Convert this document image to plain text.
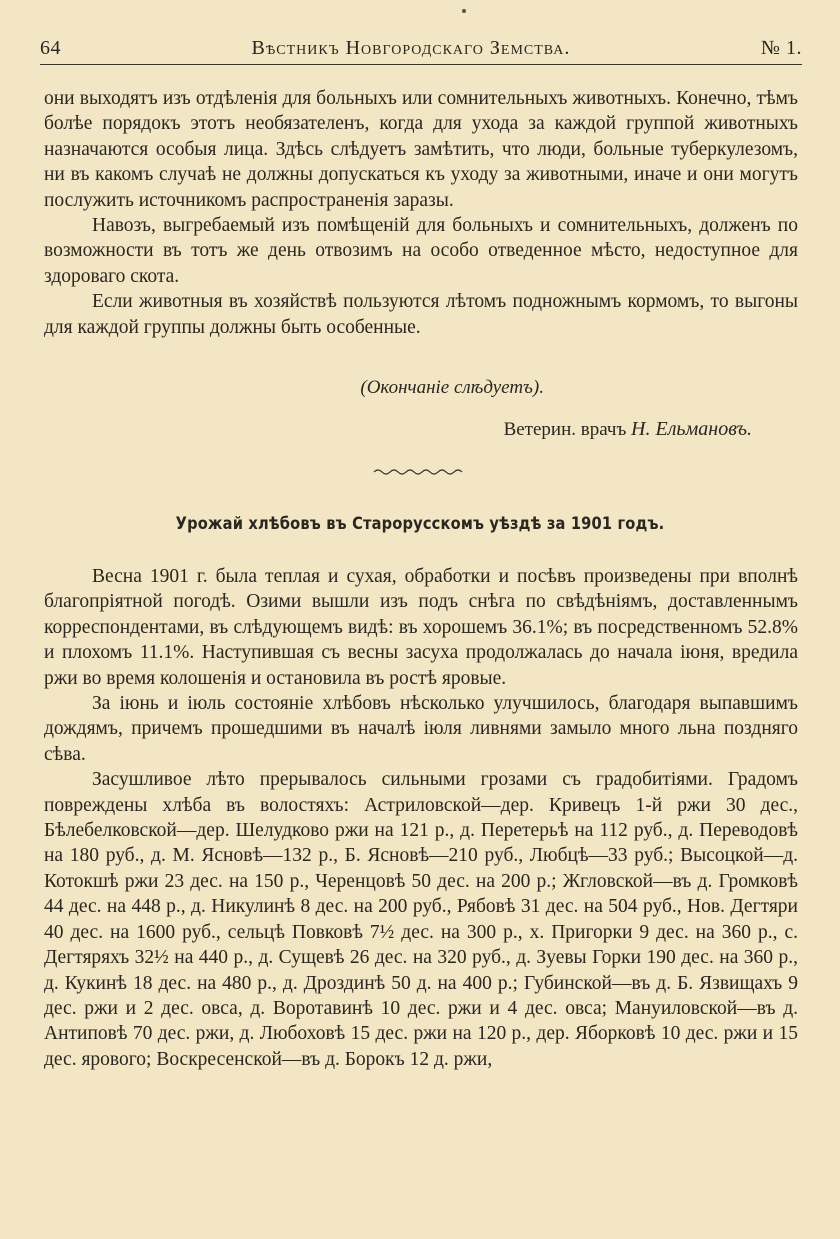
64	Вѣстникъ Новгородскаго Земства.	№ 1.

они выходятъ изъ отдѣленія для больныхъ или сомнительныхъ животныхъ. Конечно, тѣмъ болѣе порядокъ этотъ необязателенъ, когда для ухода за каждой группой животныхъ назначаются особыя лица. Здѣсь слѣдуетъ замѣтить, что люди, больные туберкулезомъ, ни въ какомъ случаѣ не должны допускаться къ уходу за животными, иначе и они могутъ послужить источникомъ распространенія заразы.

Навозъ, выгребаемый изъ помѣщеній для больныхъ и сомнительныхъ, долженъ по возможности въ тотъ же день отвозимъ на особо отведенное мѣсто, недоступное для здороваго скота.

Если животныя въ хозяйствѣ пользуются лѣтомъ подножнымъ кормомъ, то выгоны для каждой группы должны быть особенные.

(Окончаніе слѣдуетъ).
Ветерин. врачъ Н. Ельмановъ.
Урожай хлѣбовъ въ Старорусскомъ уѣздѣ за 1901 годъ.

Весна 1901 г. была теплая и сухая, обработки и посѣвъ произведены при вполнѣ благопріятной погодѣ. Озими вышли изъ подъ снѣга по свѣдѣніямъ, доставленнымъ корреспондентами, въ слѣдующемъ видѣ: въ хорошемъ 36.1%; въ посредственномъ 52.8% и плохомъ 11.1%. Наступившая съ весны засуха продолжалась до начала іюня, вредила ржи во время колошенія и остановила въ ростѣ яровые.

За іюнь и іюль состояніе хлѣбовъ нѣсколько улучшилось, благодаря выпавшимъ дождямъ, причемъ прошедшими въ началѣ іюля ливнями замыло много льна поздняго сѣва.

Засушливое лѣто прерывалось сильными грозами съ градобитіями. Градомъ повреждены хлѣба въ волостяхъ: Астриловской—дер. Кривецъ 1-й ржи 30 дес., Бѣлебелковской—дер. Шелудково ржи на 121 р., д. Перетерьѣ на 112 руб., д. Переводовѣ на 180 руб., д. М. Ясновѣ—132 р., Б. Ясновѣ—210 руб., Любцѣ—33 руб.; Высоцкой—д. Котокшѣ ржи 23 дес. на 150 р., Черенцовѣ 50 дес. на 200 р.; Жгловской—въ д. Громковѣ 44 дес. на 448 р., д. Никулинѣ 8 дес. на 200 руб., Рябовѣ 31 дес. на 504 руб., Нов. Дегтяри 40 дес. на 1600 руб., сельцѣ Повковѣ 7½ дес. на 300 р., х. Пригорки 9 дес. на 360 р., с. Дегтяряхъ 32½ на 440 р., д. Сущевѣ 26 дес. на 320 руб., д. Зуевы Горки 190 дес. на 360 р., д. Кукинѣ 18 дес. на 480 р., д. Дроздинѣ 50 д. на 400 р.; Губинской—въ д. Б. Язвищахъ 9 дес. ржи и 2 дес. овса, д. Воротавинѣ 10 дес. ржи и 4 дес. овса; Мануиловской—въ д. Антиповѣ 70 дес. ржи, д. Любоховѣ 15 дес. ржи на 120 р., дер. Яборковѣ 10 дес. ржи и 15 дес. ярового; Воскресенской—въ д. Борокъ 12 д. ржи,
